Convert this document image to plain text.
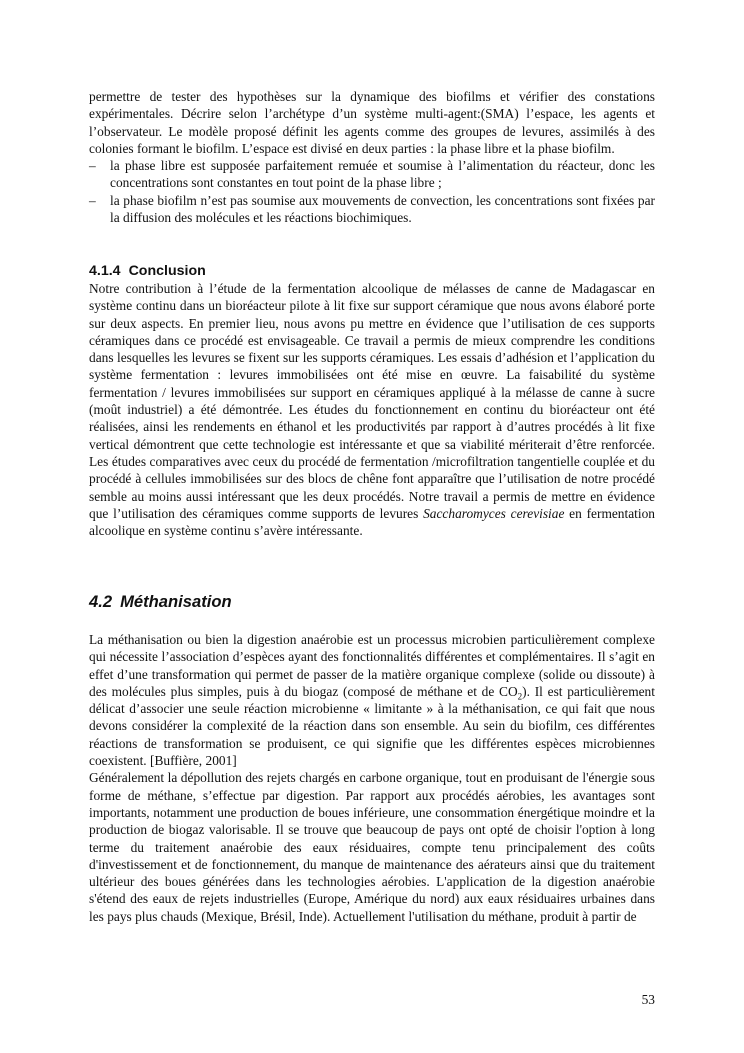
permettre de tester des hypothèses sur la dynamique des biofilms et vérifier des constations expérimentales. Décrire selon l’archétype d’un système multi-agent:(SMA) l’espace, les agents et l’observateur. Le modèle proposé définit les agents comme des groupes de levures, assimilés à des colonies formant le biofilm. L’espace est divisé en deux parties : la phase libre et la phase biofilm.

– la phase libre est supposée parfaitement remuée et soumise à l’alimentation du réacteur, donc les concentrations sont constantes en tout point de la phase libre ;
– la phase biofilm n’est pas soumise aux mouvements de convection, les concentrations sont fixées par la diffusion des molécules et les réactions biochimiques.
4.1.4 Conclusion

Notre contribution à l’étude de la fermentation alcoolique de mélasses de canne de Madagascar en système continu dans un bioréacteur pilote à lit fixe sur support céramique que nous avons élaboré porte sur deux aspects. En premier lieu, nous avons pu mettre en évidence que l’utilisation de ces supports céramiques dans ce procédé est envisageable. Ce travail a permis de mieux comprendre les conditions dans lesquelles les levures se fixent sur les supports céramiques. Les essais d’adhésion et l’application du système fermentation : levures immobilisées ont été mise en œuvre. La faisabilité du système fermentation / levures immobilisées sur support en céramiques appliqué à la mélasse de canne à sucre (moût industriel) a été démontrée. Les études du fonctionnement en continu du bioréacteur ont été réalisées, ainsi les rendements en éthanol et les productivités par rapport à d’autres procédés à lit fixe vertical démontrent que cette technologie est intéressante et que sa viabilité mériterait d’être renforcée. Les études comparatives avec ceux du procédé de fermentation /microfiltration tangentielle couplée et du procédé à cellules immobilisées sur des blocs de chêne font apparaître que l’utilisation de notre procédé semble au moins aussi intéressant que les deux procédés. Notre travail a permis de mettre en évidence que l’utilisation des céramiques comme supports de levures Saccharomyces cerevisiae en fermentation alcoolique en système continu s’avère intéressante.

4.2 Méthanisation

La méthanisation ou bien la digestion anaérobie est un processus microbien particulièrement complexe qui nécessite l’association d’espèces ayant des fonctionnalités différentes et complémentaires. Il s’agit en effet d’une transformation qui permet de passer de la matière organique complexe (solide ou dissoute) à des molécules plus simples, puis à du biogaz (composé de méthane et de $CO_2$). Il est particulièrement délicat d’associer une seule réaction microbienne « limitante » à la méthanisation, ce qui fait que nous devons considérer la complexité de la réaction dans son ensemble. Au sein du biofilm, ces différentes réactions de transformation se produisent, ce qui signifie que les différentes espèces microbiennes coexistent. [Buffière, 2001]

Généralement la dépollution des rejets chargés en carbone organique, tout en produisant de l'énergie sous forme de méthane, s’effectue par digestion. Par rapport aux procédés aérobies, les avantages sont importants, notamment une production de boues inférieure, une consommation énergétique moindre et la production de biogaz valorisable. Il se trouve que beaucoup de pays ont opté de choisir l'option à long terme du traitement anaérobie des eaux résiduaires, compte tenu principalement des coûts d'investissement et de fonctionnement, du manque de maintenance des aérateurs ainsi que du traitement ultérieur des boues générées dans les technologies aérobies. L'application de la digestion anaérobie s'étend des eaux de rejets industrielles (Europe, Amérique du nord) aux eaux résiduaires urbaines dans les pays plus chauds (Mexique, Brésil, Inde). Actuellement l'utilisation du méthane, produit à partir de

53
